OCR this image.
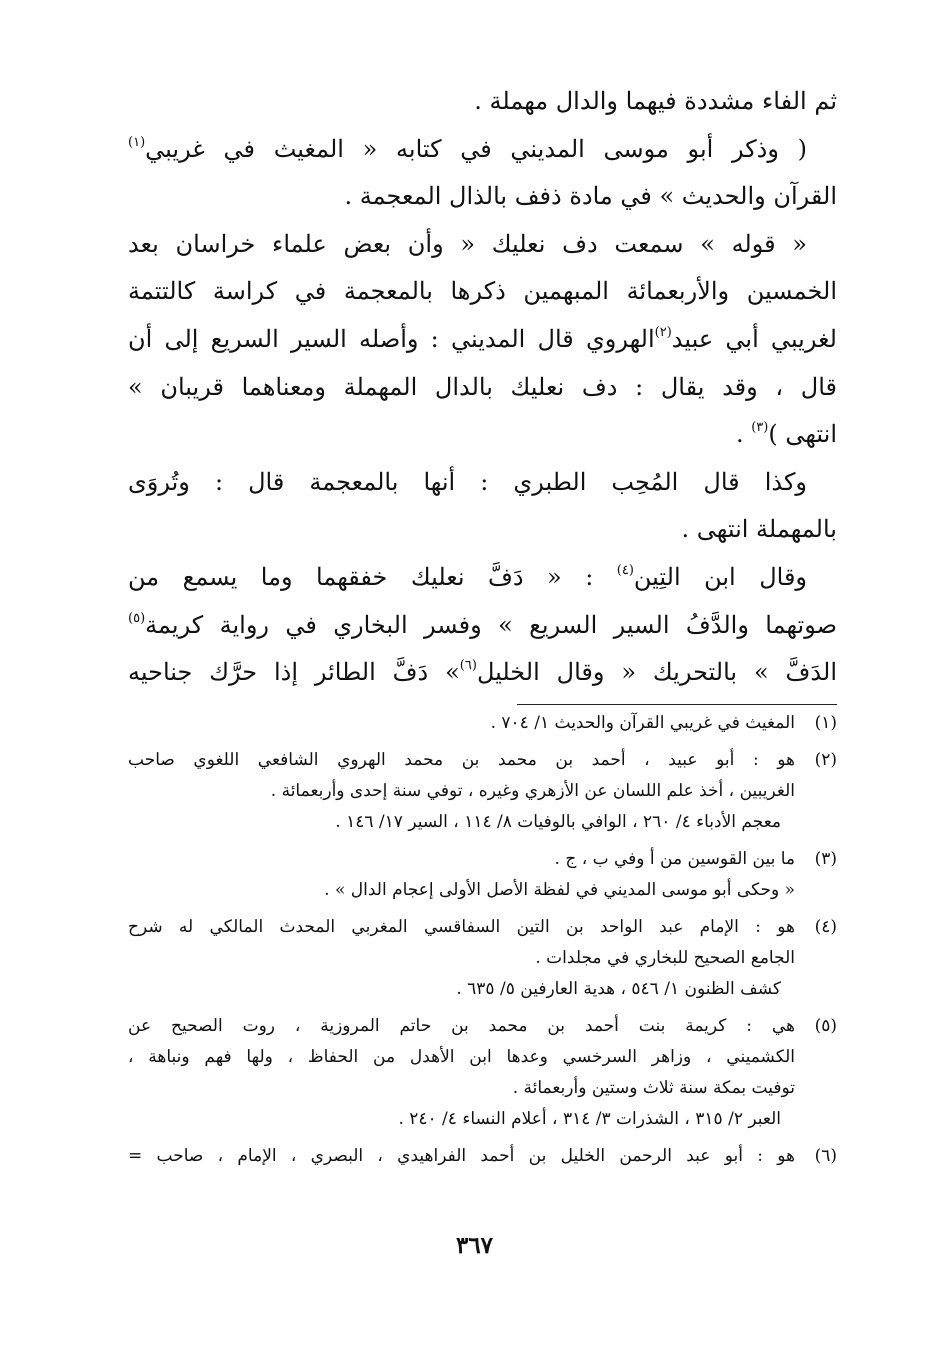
ثم الفاء مشددة فيهما والدال مهملة .
( وذكر أبو موسى المديني في كتابه « المغيث في غريبي$^{(١)}$
القرآن والحديث » في مادة ذفف بالذال المعجمة .
« قوله » سمعت دف نعليك « وأن بعض علماء خراسان بعد
الخمسين والأربعمائة المبهمين ذكرها بالمعجمة في كراسة كالتتمة
لغريبي أبي عبيد$^{(٢)}$الهروي قال المديني : وأصله السير السريع إلى أن
قال ، وقد يقال : دف نعليك بالدال المهملة ومعناهما قريبان »
انتهى )$^{(٣)}$ .
وكذا قال المُحِب الطبري : أنها بالمعجمة قال : وتُروَى
بالمهملة انتهى .
وقال ابن التِين$^{(٤)}$ : « دَفَّ نعليك خفقهما وما يسمع من
صوتهما والدَّفُ السير السريع » وفسر البخاري في رواية كريمة$^{(٥)}$
الدَفَّ » بالتحريك « وقال الخليل$^{(٦)}$» دَفَّ الطائر إذا حرَّك جناحيه
(١)
المغيث في غريبي القرآن والحديث ١/ ٧٠٤ .
(٢)
هو : أبو عبيد ، أحمد بن محمد بن محمد الهروي الشافعي اللغوي صاحب
الغريبين ، أخذ علم اللسان عن الأزهري وغيره ، توفي سنة إحدى وأربعمائة .
معجم الأدباء ٤/ ٢٦٠ ، الوافي بالوفيات ٨/ ١١٤ ، السير ١٧/ ١٤٦ .
(٣)
ما بين القوسين من أ وفي ب ، ج .
« وحكى أبو موسى المديني في لفظة الأصل الأولى إعجام الدال » .
(٤)
هو : الإمام عبد الواحد بن التين السفاقسي المغربي المحدث المالكي له شرح
الجامع الصحيح للبخاري في مجلدات .
كشف الظنون ١/ ٥٤٦ ، هدية العارفين ٥/ ٦٣٥ .
(٥)
هي : كريمة بنت أحمد بن محمد بن حاتم المروزية ، روت الصحيح عن
الكشميني ، وزاهر السرخسي وعدها ابن الأهدل من الحفاظ ، ولها فهم ونباهة ،
توفيت بمكة سنة ثلاث وستين وأربعمائة .
العبر ٢/ ٣١٥ ، الشذرات ٣/ ٣١٤ ، أعلام النساء ٤/ ٢٤٠ .
(٦)
هو : أبو عبد الرحمن الخليل بن أحمد الفراهيدي ، البصري ، الإمام ، صاحب =
٣٦٧
